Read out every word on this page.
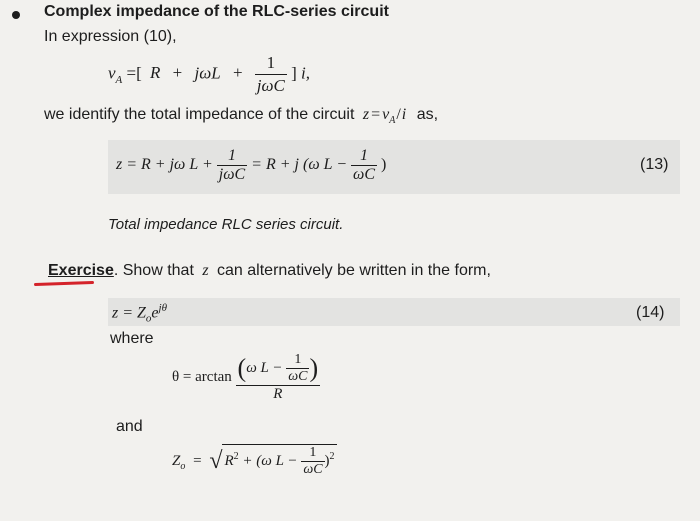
Complex impedance of the RLC-series circuit
In expression (10),
$v_A$ =[ $R + j\omega L + \frac{1}{\text{jωC}}$ ] i,
we identify the total impedance of the circuit $z = v_A/i$ as,
z = R + jω $L + \frac{1}{\text{jωC}} = R + j$ (ω $L - \frac{1}{\omega C}$ )	(13)
Total impedance RLC series circuit.
Exercise. Show that z can alternatively be written in the form,
$z = Z_oe^{j\theta}$	(14)
where
$\theta = \arctan \frac{(\omega L - \frac{1}{\omega C} )}{R}$
and
$Z_o$ = √ $R^2 + (\omega$ $L - \frac{1}{\omega C} )^2$
